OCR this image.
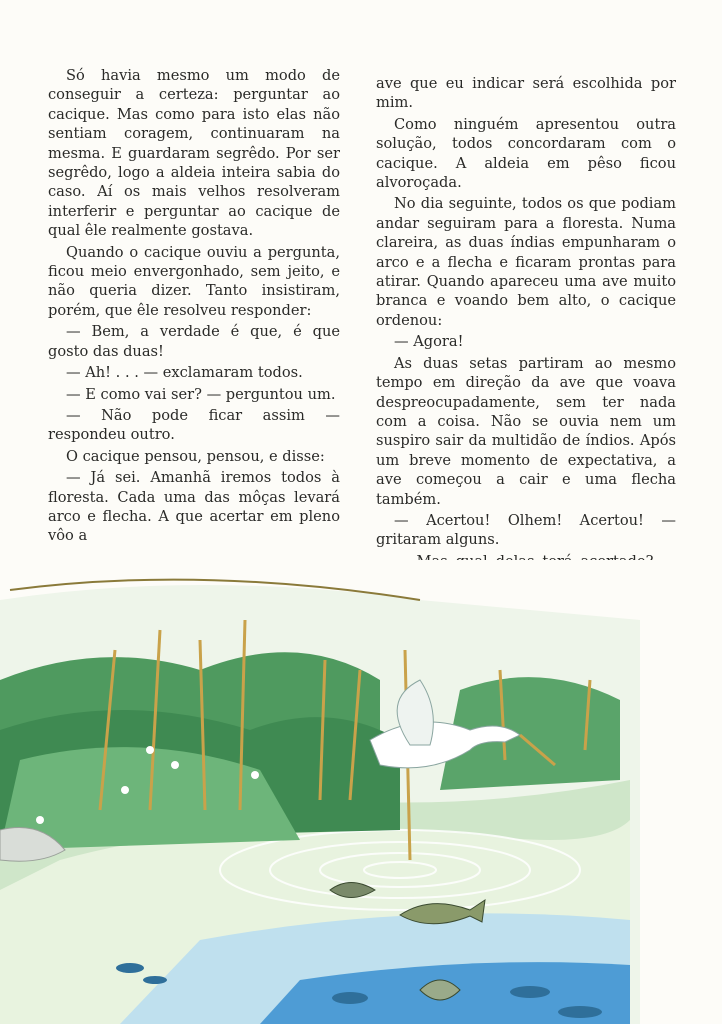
Só havia mesmo um modo de conseguir a certeza: perguntar ao cacique. Mas como para isto elas não sentiam coragem, continuaram na mesma. E guardaram segrêdo. Por ser segrêdo, logo a aldeia inteira sabia do caso. Aí os mais velhos resolveram interferir e perguntar ao cacique de qual êle realmente gostava.

Quando o cacique ouviu a pergunta, ficou meio envergonhado, sem jeito, e não queria dizer. Tanto insistiram, porém, que êle resolveu responder:

— Bem, a verdade é que, é que gosto das duas!

— Ah! . . . — exclamaram todos.

— E como vai ser? — perguntou um.

— Não pode ficar assim — respondeu outro.

O cacique pensou, pensou, e disse:

— Já sei. Amanhã iremos todos à floresta. Cada uma das môças levará arco e flecha. A que acertar em pleno vôo a

ave que eu indicar será escolhida por mim.

Como ninguém apresentou outra solução, todos concordaram com o cacique. A aldeia em pêso ficou alvoroçada.

No dia seguinte, todos os que podiam andar seguiram para a floresta. Numa clareira, as duas índias empunharam o arco e a flecha e ficaram prontas para atirar. Quando apareceu uma ave muito branca e voando bem alto, o cacique ordenou:

— Agora!

As duas setas partiram ao mesmo tempo em direção da ave que voava despreocupadamente, sem ter nada com a coisa. Não se ouvia nem um suspiro sair da multidão de índios. Após um breve momento de expectativa, a ave começou a cair e uma flecha também.

— Acertou! Olhem! Acertou! — gritaram alguns.
